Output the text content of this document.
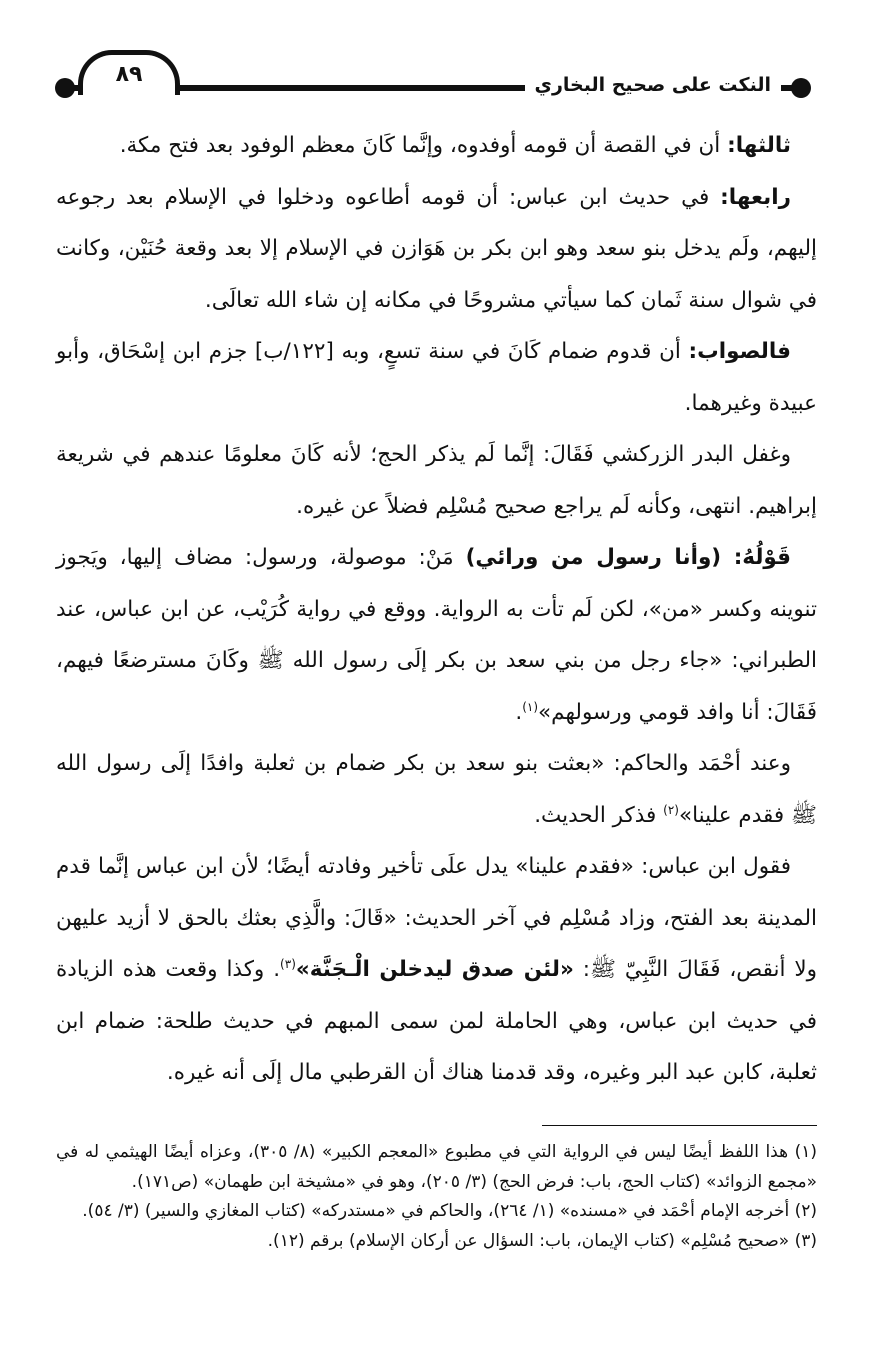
٨٩	النكت على صحيح البخاري

ثالثها: أن في القصة أن قومه أوفدوه، وإنَّما كَانَ معظم الوفود بعد فتح مكة.

رابعها: في حديث ابن عباس: أن قومه أطاعوه ودخلوا في الإسلام بعد رجوعه إليهم، ولَم يدخل بنو سعد وهو ابن بكر بن هَوَازن في الإسلام إلا بعد وقعة حُنَيْن، وكانت في شوال سنة ثَمان كما سيأتي مشروحًا في مكانه إن شاء الله تعالَى.

فالصواب: أن قدوم ضمام كَانَ في سنة تسعٍ، وبه [١٢٢/ب] جزم ابن إسْحَاق، وأبو عبيدة وغيرهما.

وغفل البدر الزركشي فَقَالَ: إنَّما لَم يذكر الحج؛ لأنه كَانَ معلومًا عندهم في شريعة إبراهيم. انتهى، وكأنه لَم يراجع صحيح مُسْلِم فضلاً عن غيره.

قَوْلُهُ: (وأنا رسول من ورائي) مَنْ: موصولة، ورسول: مضاف إليها، ويَجوز تنوينه وكسر «من»، لكن لَم تأت به الرواية. ووقع في رواية كُرَيْب، عن ابن عباس، عند الطبراني: «جاء رجل من بني سعد بن بكر إلَى رسول الله ﷺ وكَانَ مسترضعًا فيهم، فَقَالَ: أنا وافد قومي ورسولهم»$^{(١)}$.

وعند أحْمَد والحاكم: «بعثت بنو سعد بن بكر ضمام بن ثعلبة وافدًا إلَى رسول الله ﷺ فقدم علينا»$^{(٢)}$ فذكر الحديث.

فقول ابن عباس: «فقدم علينا» يدل علَى تأخير وفادته أيضًا؛ لأن ابن عباس إنَّما قدم المدينة بعد الفتح، وزاد مُسْلِم في آخر الحديث: «قَالَ: والَّذِي بعثك بالحق لا أزيد عليهن ولا أنقص، فَقَالَ النَّبِيّ ﷺ: «لئن صدق ليدخلن الْـجَنَّة»$^{(٣)}$. وكذا وقعت هذه الزيادة في حديث ابن عباس، وهي الحاملة لمن سمى المبهم في حديث طلحة: ضمام ابن ثعلبة، كابن عبد البر وغيره، وقد قدمنا هناك أن القرطبي مال إلَى أنه غيره.

(١) هذا اللفظ أيضًا ليس في الرواية التي في مطبوع «المعجم الكبير» (٨/ ٣٠٥)، وعزاه أيضًا الهيثمي له في «مجمع الزوائد» (كتاب الحج، باب: فرض الحج) (٣/ ٢٠٥)، وهو في «مشيخة ابن طهمان» (ص١٧١).

(٢) أخرجه الإمام أحْمَد في «مسنده» (١/ ٢٦٤)، والحاكم في «مستدركه» (كتاب المغازي والسير) (٣/ ٥٤).

(٣) «صحيح مُسْلِم» (كتاب الإيمان، باب: السؤال عن أركان الإسلام) برقم (١٢).
